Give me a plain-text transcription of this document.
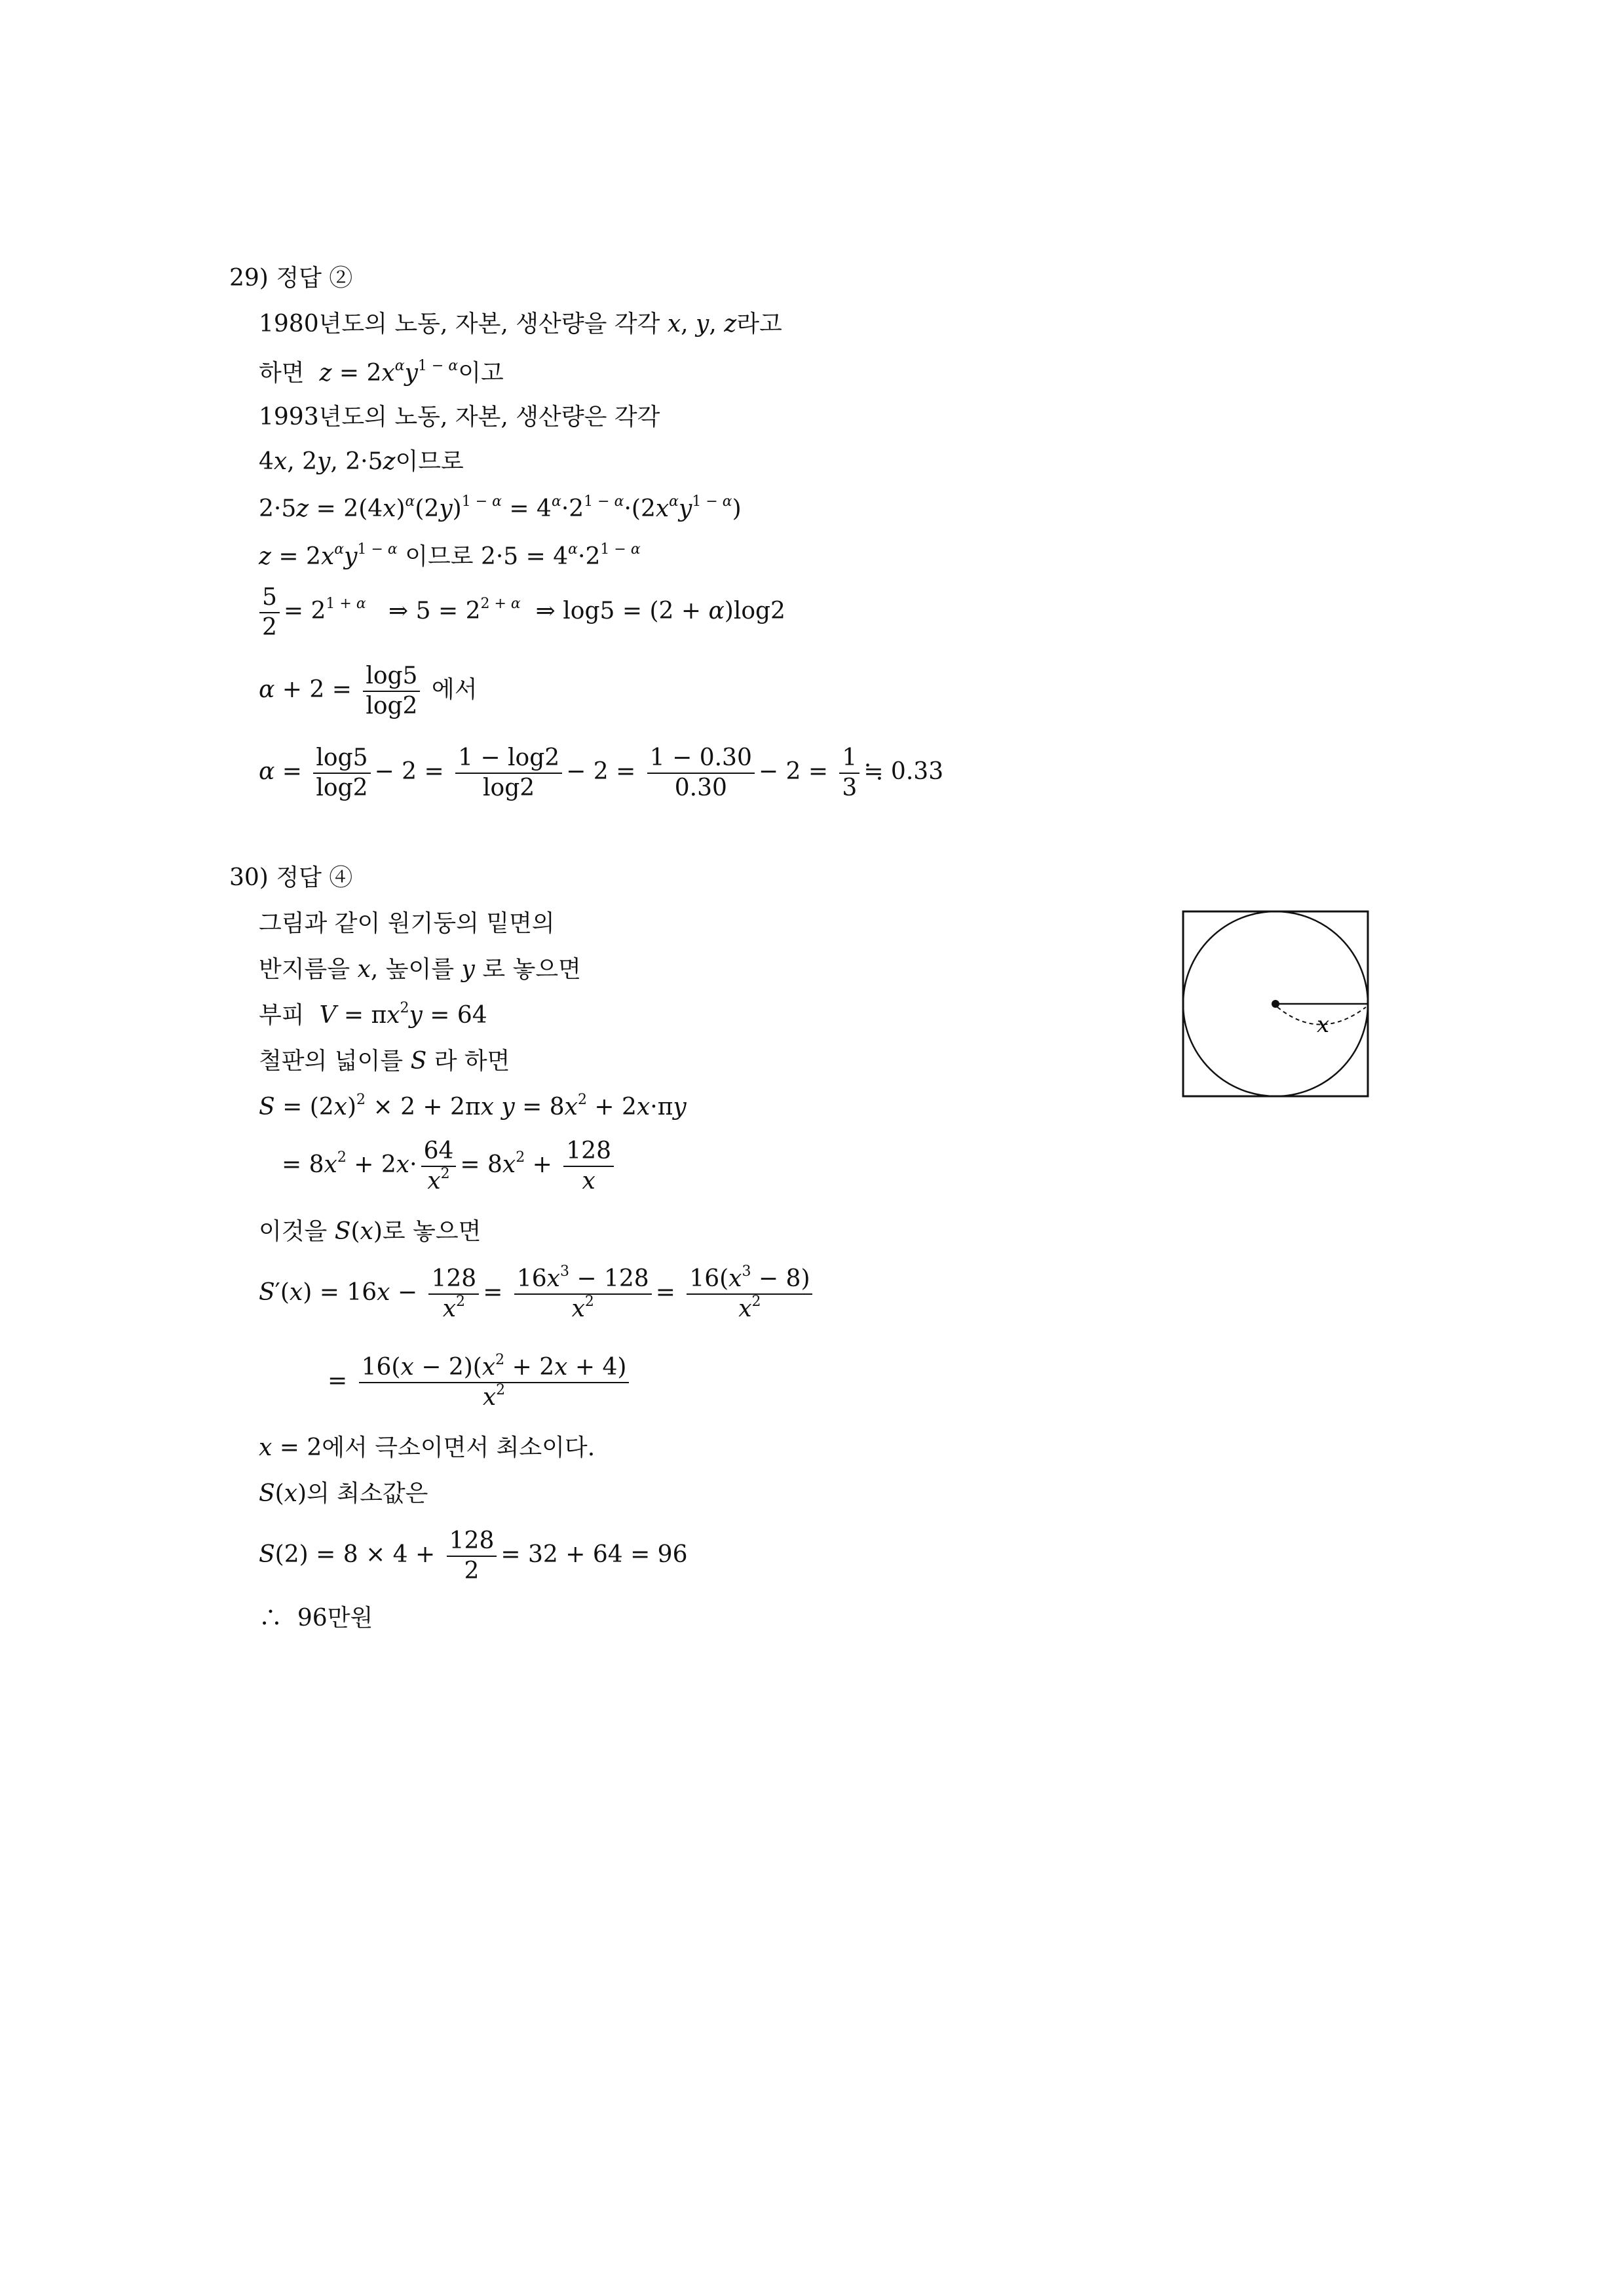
29) 정답 ②
1980년도의 노동, 자본, 생산량을 각각 x, y, z라고
하면 $z = 2x^\alpha y^{1 - \alpha}$이고
1993년도의 노동, 자본, 생산량은 각각
4x, 2y, 2·5z이므로
$2\cdot 5z = 2(4x)^\alpha(2y)^{1 - \alpha} = 4^\alpha\cdot 2^{1 - \alpha}\cdot(2x^\alpha y^{1 - \alpha})$
$z = 2x^\alpha y^{1 - \alpha}$ 이므로 $2\cdot 5 = 4^\alpha\cdot 2^{1 - \alpha}$
$\frac{5}{2} = 2^{1 + \alpha}$   ⇒ $5 = 2^{2 + \alpha}$  ⇒ log5 = (2 + α)log2
$\alpha + 2 = \frac{\log 5}{\log 2}$ 에서
$\alpha = \frac{\log 5}{\log 2} - 2 = \frac{1 - \log 2}{\log 2} - 2 = \frac{1 - 0.30}{0.30} - 2 = \frac{1}{3}$ ≒ 0.33
30) 정답 ④
그림과 같이 원기둥의 밑면의
반지름을 x, 높이를 y 로 놓으면
부피 $V = \pi x^2y = 64$
철판의 넓이를 S 라 하면
$S = (2x)^2 \times 2 + 2\pi x$ $y = 8x^2 + 2x\cdot\pi y$
= $8x^2 + 2x\cdot \frac{64}{x^2} = 8x^2 + \frac{128}{x}$
이것을 S(x)로 놓으면
$S'(x) = 16x - \frac{128}{x^2} = \frac{16x^3 - 128}{x^2} = \frac{16(x^3 - 8)}{x^2}$
= $\frac{16(x - 2)(x^2 + 2x + 4)}{x^2}$
x = 2에서 극소이면서 최소이다.
S(x)의 최소값은
$S(2) = 8 \times 4 + \frac{128}{2} = 32 + 64 = 96$
∴  96만원
x
